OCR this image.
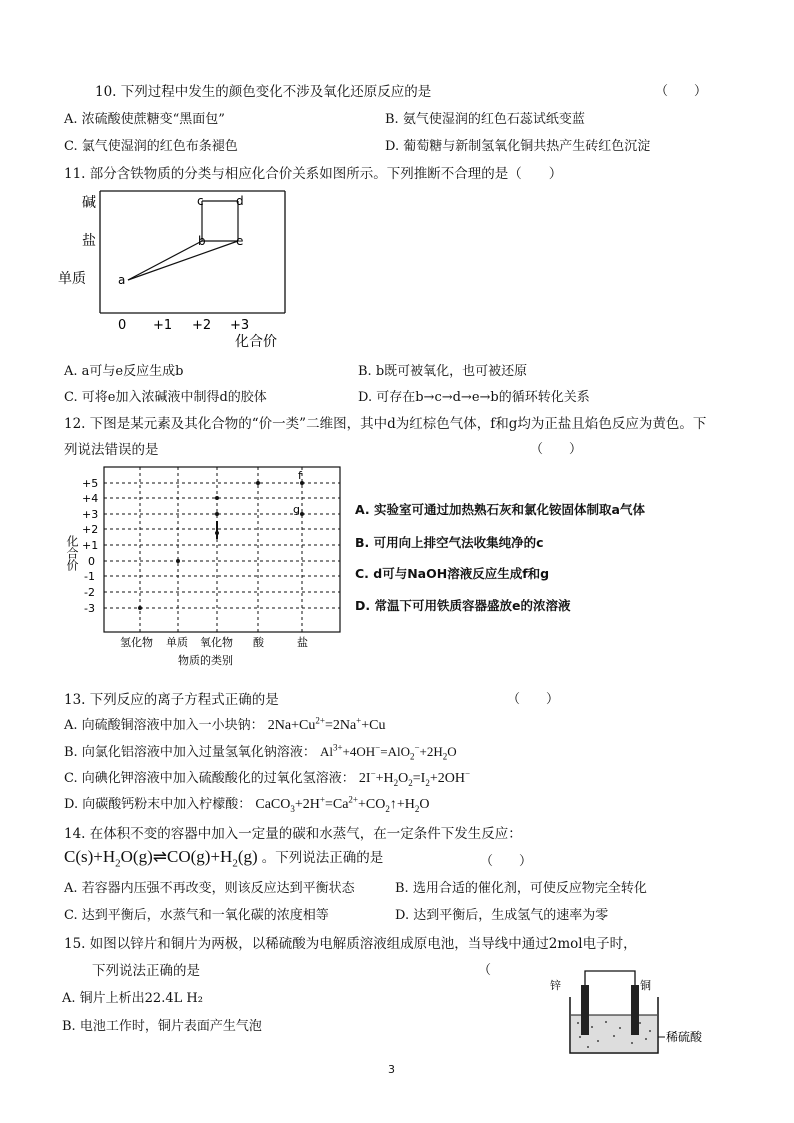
10. 下列过程中发生的颜色变化不涉及氧化还原反应的是	（　　）
A. 浓硫酸使蔗糖变“黑面包”	B. 氨气使湿润的红色石蕊试纸变蓝
C. 氯气使湿润的红色布条褪色	D. 葡萄糖与新制氢氧化铜共热产生砖红色沉淀
11. 部分含铁物质的分类与相应化合价关系如图所示。下列推断不合理的是（　　）
碱
盐
单质
0 +1 +2 +3
化合价
a
b
c	d
e
A. a可与e反应生成b	B. b既可被氧化，也可被还原
C. 可将e加入浓碱液中制得d的胶体	D. 可存在b→c→d→e→b的循环转化关系
12. 下图是某元素及其化合物的“价一类”二维图，其中d为红棕色气体，f和g均为正盐且焰色反应为黄色。下
列说法错误的是	（　　）
化合价
+5
+4
+3
+2
+1
0
-1
-2
-3
f
g
氢化物 单质 氧化物 酸	盐
物质的类别
A. 实验室可通过加热熟石灰和氯化铵固体制取a气体
B. 可用向上排空气法收集纯净的c
C. d可与NaOH溶液反应生成f和g
D. 常温下可用铁质容器盛放e的浓溶液
13. 下列反应的离子方程式正确的是	（　　）
A. 向硫酸铜溶液中加入一小块钠： $2Na+Cu^{2+}=2Na^++Cu$
B. 向氯化铝溶液中加入过量氢氧化钠溶液： $Al^{3+}+4OH^-=AlO_2^-+2H_2O$
C. 向碘化钾溶液中加入硫酸酸化的过氧化氢溶液： $2I^-+H_2O_2=I_2+2OH^-$
D. 向碳酸钙粉末中加入柠檬酸： $CaCO_3+2H^+=Ca^{2+}+CO_2↑+H_2O$
14. 在体积不变的容器中加入一定量的碳和水蒸气，在一定条件下发生反应：
$C(s)+H_2O(g)\rightleftharpoons CO(g)+H_2(g)$ 。下列说法正确的是	（　　）
A. 若容器内压强不再改变，则该反应达到平衡状态	B. 选用合适的催化剂，可使反应物完全转化
C. 达到平衡后，水蒸气和一氧化碳的浓度相等	D. 达到平衡后，生成氢气的速率为零
15. 如图以锌片和铜片为两极，以稀硫酸为电解质溶液组成原电池，当导线中通过2mol电子时，
下列说法正确的是	（
A. 铜片上析出22.4L H₂
B. 电池工作时，铜片表面产生气泡
锌	铜
稀硫酸
3
